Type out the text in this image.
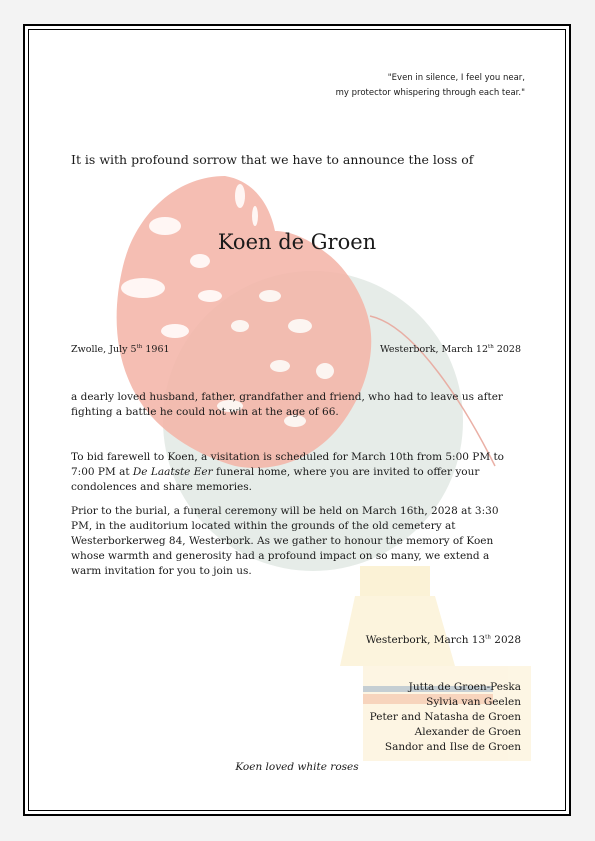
"Even in silence, I feel you near,
my protector whispering through each tear."
It is with profound sorrow that we have to announce the loss of
Koen de Groen
Zwolle, July 5th 1961	Westerbork, March 12th 2028
a dearly loved husband, father, grandfather and friend, who had to leave us after fighting a battle he could not win at the age of 66.
To bid farewell to Koen, a visitation is scheduled for March 10th from 5:00 PM to 7:00 PM at De Laatste Eer funeral home, where you are invited to offer your condolences and share memories.
Prior to the burial, a funeral ceremony will be held on March 16th, 2028 at 3:30 PM, in the auditorium located within the grounds of the old cemetery at Westerborkerweg 84, Westerbork. As we gather to honour the memory of Koen whose warmth and generosity had a profound impact on so many, we extend a warm invitation for you to join us.
Westerbork, March 13th 2028
Jutta de Groen-Peska
Sylvia van Geelen
Peter and Natasha de Groen
Alexander de Groen
Sandor and Ilse de Groen
Koen loved white roses
